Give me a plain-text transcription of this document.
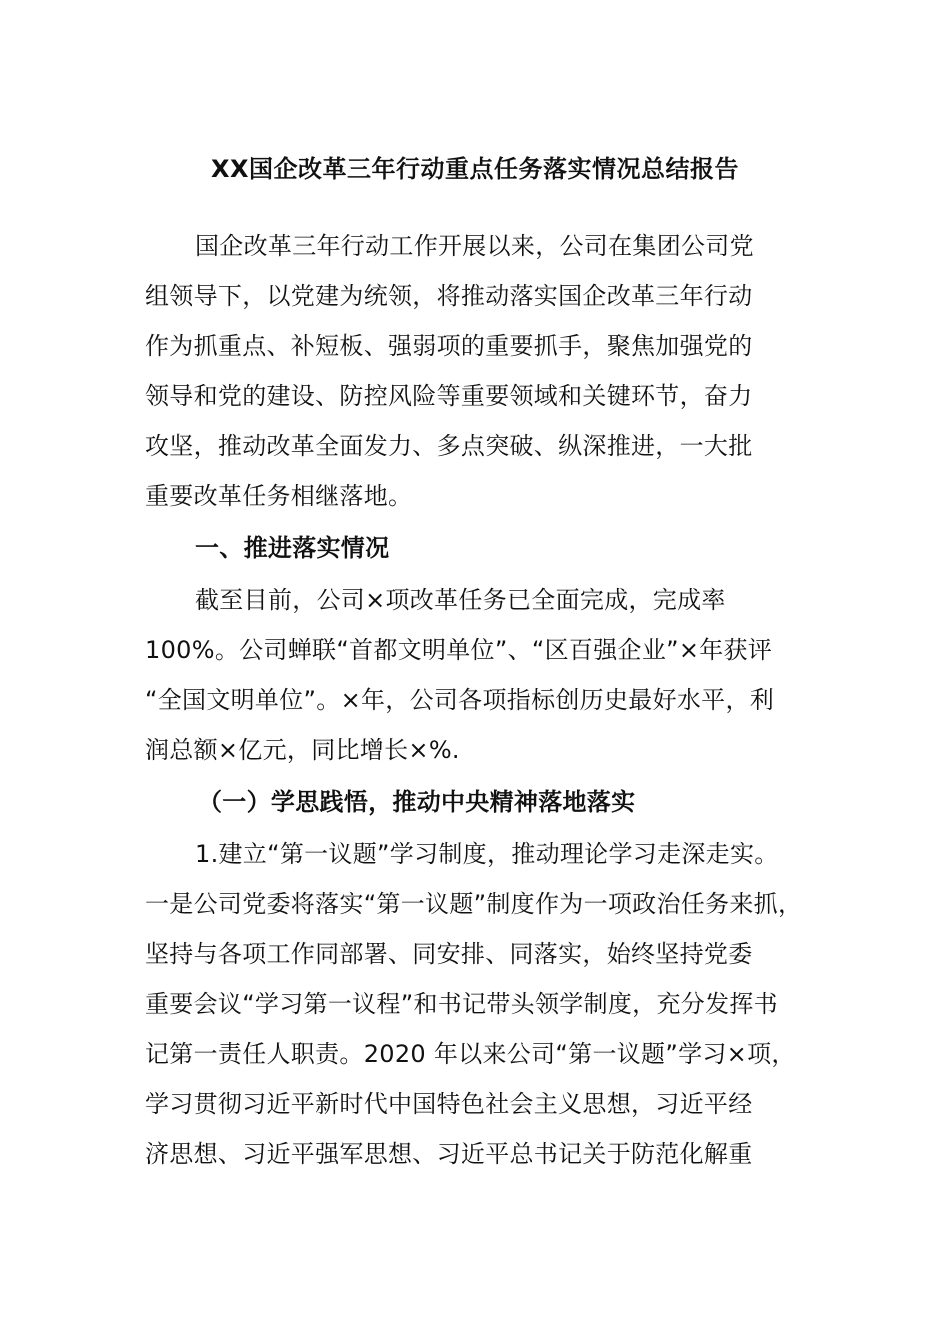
XX国企改革三年行动重点任务落实情况总结报告
国企改革三年行动工作开展以来，公司在集团公司党
组领导下，以党建为统领，将推动落实国企改革三年行动
作为抓重点、补短板、强弱项的重要抓手，聚焦加强党的
领导和党的建设、防控风险等重要领域和关键环节，奋力
攻坚，推动改革全面发力、多点突破、纵深推进，一大批
重要改革任务相继落地。
一、推进落实情况
截至目前，公司×项改革任务已全面完成，完成率
100%。公司蝉联“首都文明单位”、“区百强企业”×年获评
“全国文明单位”。×年，公司各项指标创历史最好水平，利
润总额×亿元，同比增长×%.
（一）学思践悟，推动中央精神落地落实
1.建立“第一议题”学习制度，推动理论学习走深走实。
一是公司党委将落实“第一议题”制度作为一项政治任务来抓，
坚持与各项工作同部署、同安排、同落实，始终坚持党委
重要会议“学习第一议程”和书记带头领学制度，充分发挥书
记第一责任人职责。2020 年以来公司“第一议题”学习×项，
学习贯彻习近平新时代中国特色社会主义思想，习近平经
济思想、习近平强军思想、习近平总书记关于防范化解重
